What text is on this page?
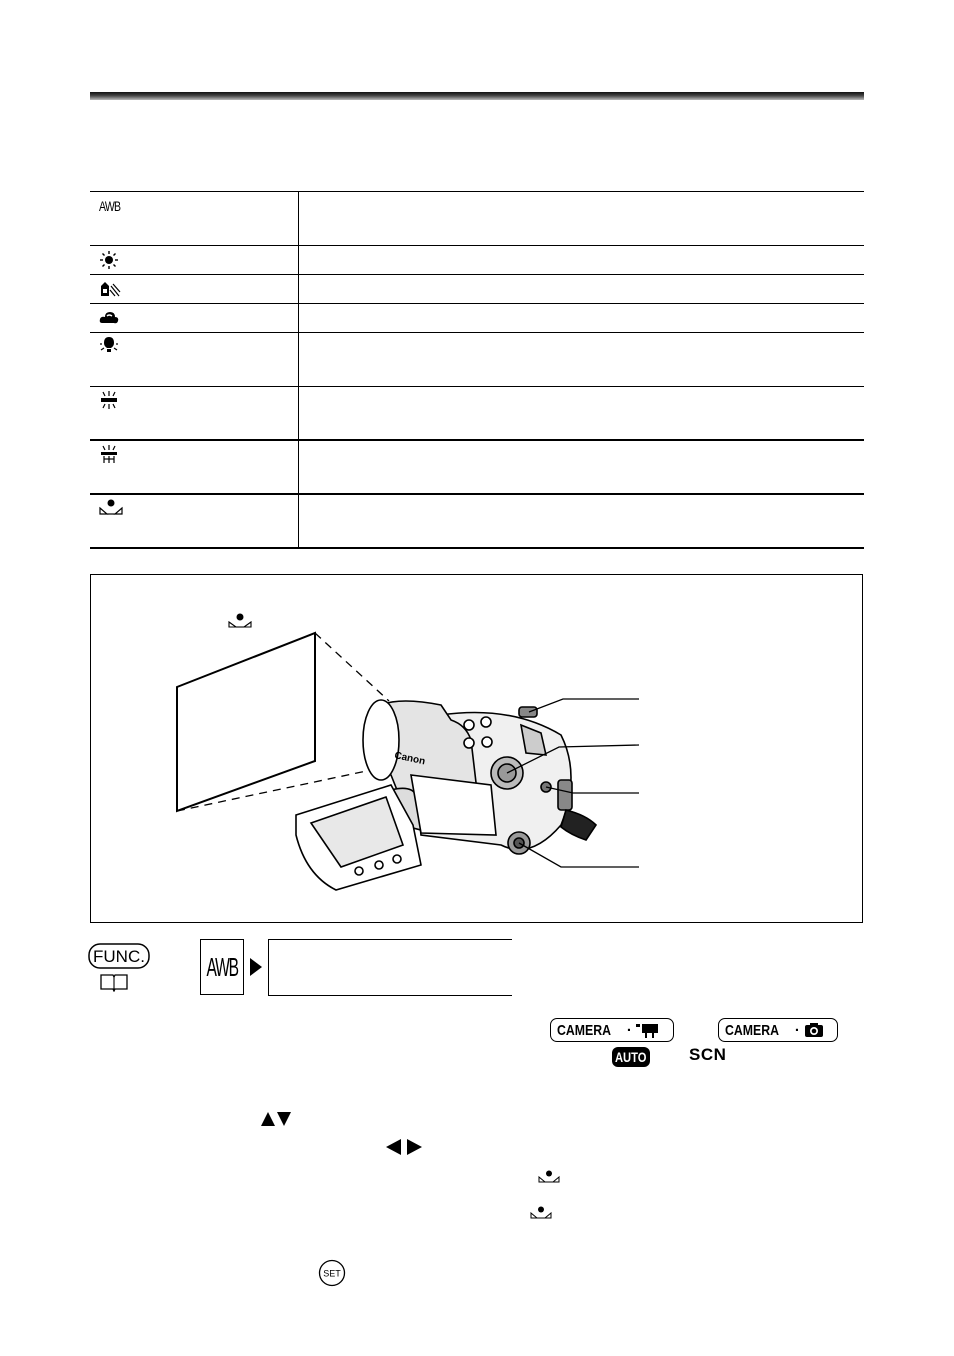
AWB
Canon
FUNC. AWB
CAMERA ·	CAMERA ·
AUTO SCN
SET
